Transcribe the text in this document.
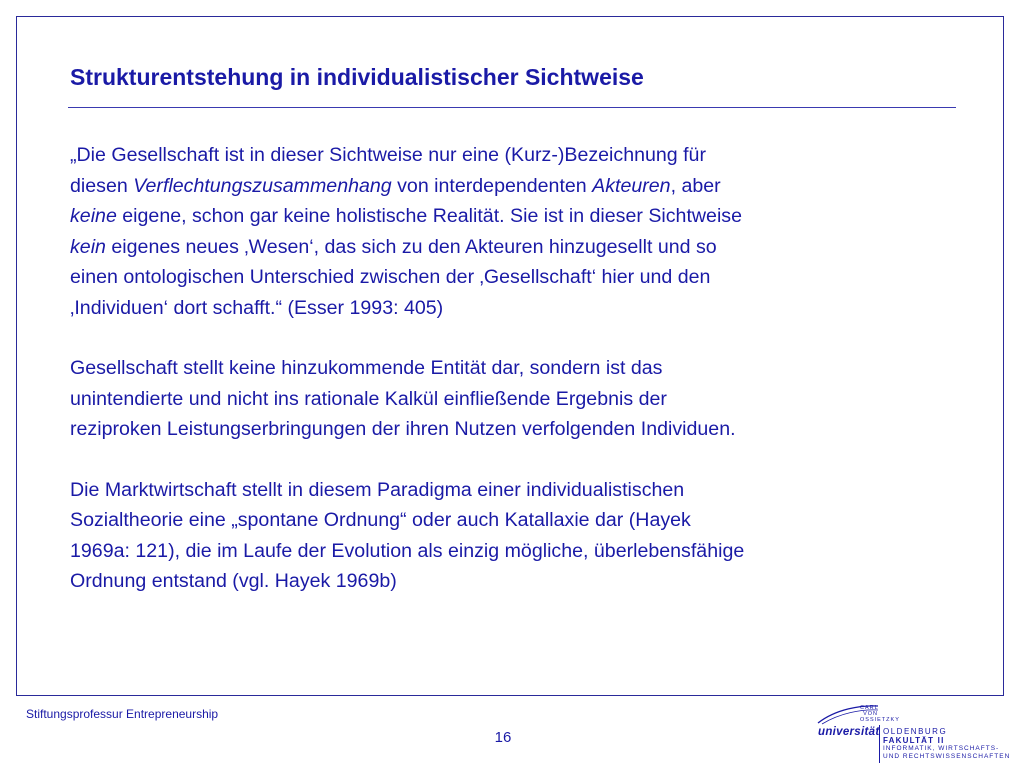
Strukturentstehung in individualistischer Sichtweise
„Die Gesellschaft ist in dieser Sichtweise nur eine (Kurz-)Bezeichnung für
diesen Verflechtungszusammenhang von interdependenten Akteuren, aber
keine eigene, schon gar keine holistische Realität. Sie ist in dieser Sichtweise
kein eigenes neues ‚Wesen‘, das sich zu den Akteuren hinzugesellt und so
einen ontologischen Unterschied zwischen der ‚Gesellschaft‘ hier und den
‚Individuen‘ dort schafft.“ (Esser 1993: 405)
Gesellschaft stellt keine hinzukommende Entität dar, sondern ist das
unintendierte und nicht ins rationale Kalkül einfließende Ergebnis der
reziproken Leistungserbringungen der ihren Nutzen verfolgenden Individuen.
Die Marktwirtschaft stellt in diesem Paradigma einer individualistischen
Sozialtheorie eine „spontane Ordnung“ oder auch Katallaxie dar (Hayek
1969a: 121), die im Laufe der Evolution als einzig mögliche, überlebensfähige
Ordnung entstand (vgl. Hayek 1969b)
Stiftungsprofessur Entrepreneurship
16
CARL
VON
OSSIETZKY
universität OLDENBURG
FAKULTÄT II
INFORMATIK, WIRTSCHAFTS-
UND RECHTSWISSENSCHAFTEN
